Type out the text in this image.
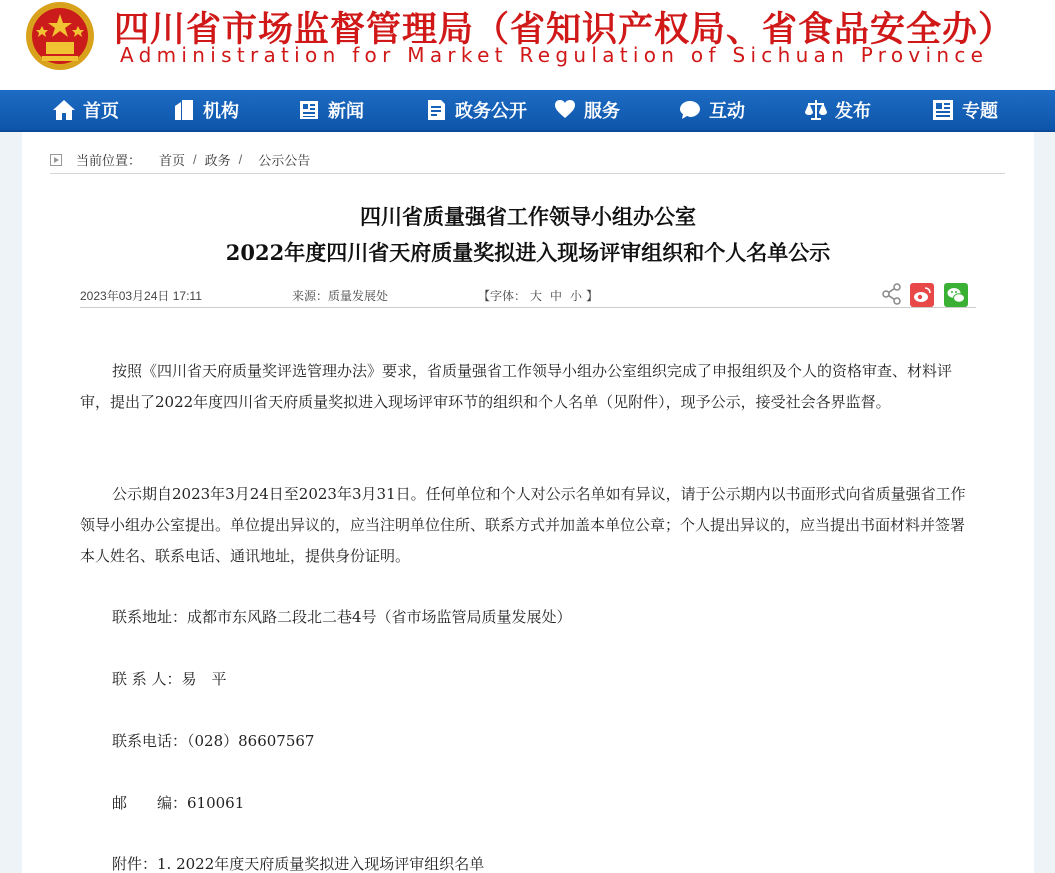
四川省市场监督管理局（省知识产权局、省食品安全办）
Administration for Market Regulation of Sichuan Province
首页	机构	新闻	政务公开	服务	互动	发布	专题
当前位置： 首页 / 政务 / 公示公告
四川省质量强省工作领导小组办公室
2022年度四川省天府质量奖拟进入现场评审组织和个人名单公示
2023年03月24日 17:11	来源：质量发展处	【字体： 大 中 小 】
按照《四川省天府质量奖评选管理办法》要求，省质量强省工作领导小组办公室组织完成了申报组织及个人的资格审查、材料评审，提出了2022年度四川省天府质量奖拟进入现场评审环节的组织和个人名单（见附件），现予公示，接受社会各界监督。
公示期自2023年3月24日至2023年3月31日。任何单位和个人对公示名单如有异议，请于公示期内以书面形式向省质量强省工作领导小组办公室提出。单位提出异议的，应当注明单位住所、联系方式并加盖本单位公章；个人提出异议的，应当提出书面材料并签署本人姓名、联系电话、通讯地址，提供身份证明。
联系地址：成都市东风路二段北二巷4号（省市场监管局质量发展处）
联 系 人：易　平
联系电话：（028）86607567
邮　　编：610061
附件：1. 2022年度天府质量奖拟进入现场评审组织名单
